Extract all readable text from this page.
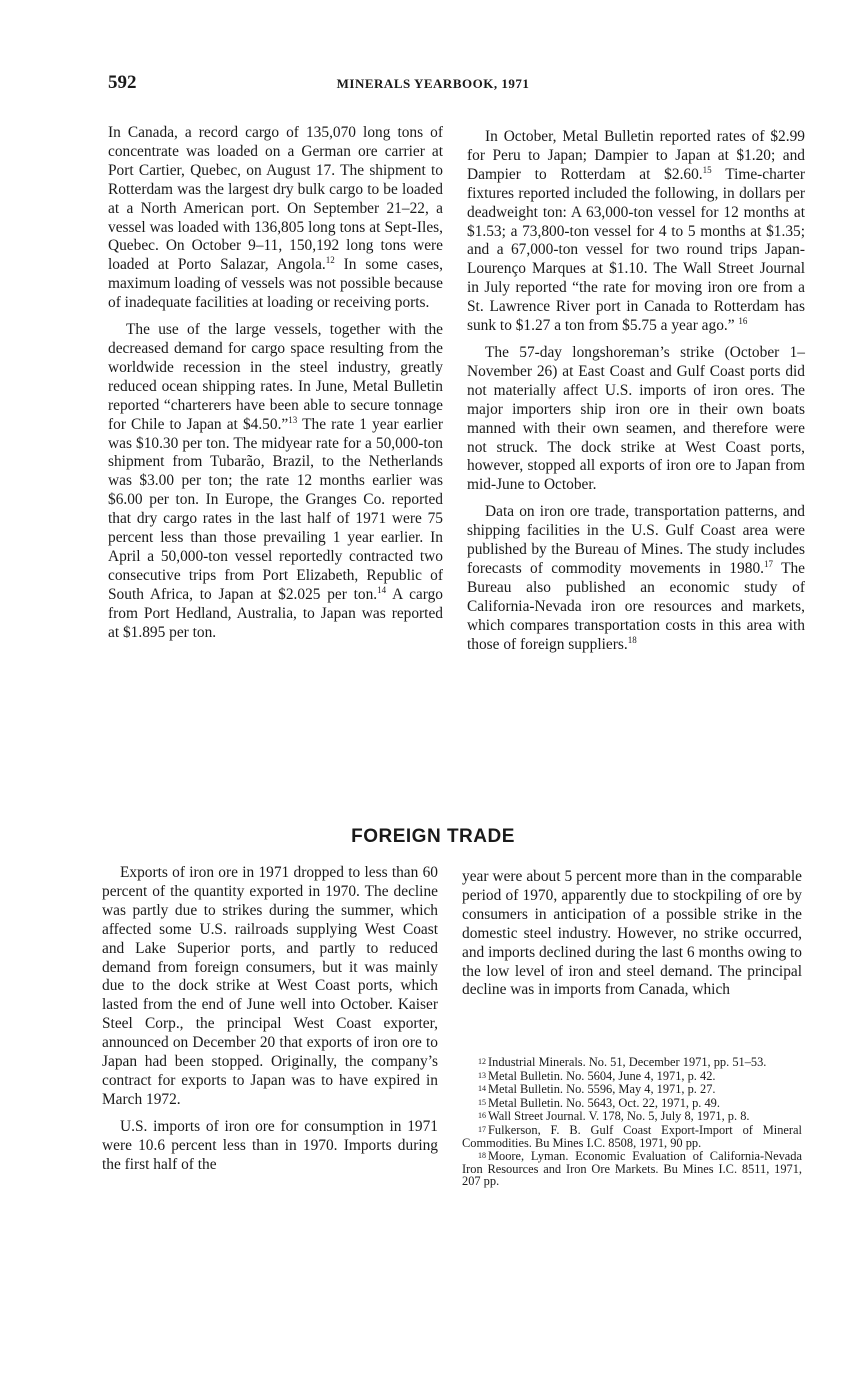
592	MINERALS YEARBOOK, 1971

In Canada, a record cargo of 135,070 long tons of concentrate was loaded on a German ore carrier at Port Cartier, Quebec, on August 17. The shipment to Rotterdam was the largest dry bulk cargo to be loaded at a North American port. On September 21–22, a vessel was loaded with 136,805 long tons at Sept-Iles, Quebec. On October 9–11, 150,192 long tons were loaded at Porto Salazar, Angola.$^{12}$ In some cases, maximum loading of vessels was not possible because of inadequate facilities at loading or receiving ports.

The use of the large vessels, together with the decreased demand for cargo space resulting from the worldwide recession in the steel industry, greatly reduced ocean shipping rates. In June, Metal Bulletin reported “charterers have been able to secure tonnage for Chile to Japan at $4.50.”$^{13}$ The rate 1 year earlier was $10.30 per ton. The midyear rate for a 50,000-ton shipment from Tubarão, Brazil, to the Netherlands was $3.00 per ton; the rate 12 months earlier was $6.00 per ton. In Europe, the Granges Co. reported that dry cargo rates in the last half of 1971 were 75 percent less than those prevailing 1 year earlier. In April a 50,000-ton vessel reportedly contracted two consecutive trips from Port Elizabeth, Republic of South Africa, to Japan at $2.025 per ton.$^{14}$ A cargo from Port Hedland, Australia, to Japan was reported at $1.895 per ton.

In October, Metal Bulletin reported rates of $2.99 for Peru to Japan; Dampier to Japan at $1.20; and Dampier to Rotterdam at $2.60.15 Time-charter fixtures reported included the following, in dollars per deadweight ton: A 63,000-ton vessel for 12 months at $1.53; a 73,800-ton vessel for 4 to 5 months at $1.35; and a 67,000-ton vessel for two round trips Japan-Lourenço Marques at $1.10. The Wall Street Journal in July reported “the rate for moving iron ore from a St. Lawrence River port in Canada to Rotterdam has sunk to $1.27 a ton from $5.75 a year ago.” $^{16}$

The 57-day longshoreman’s strike (October 1–November 26) at East Coast and Gulf Coast ports did not materially affect U.S. imports of iron ores. The major importers ship iron ore in their own boats manned with their own seamen, and therefore were not struck. The dock strike at West Coast ports, however, stopped all exports of iron ore to Japan from mid-June to October.

Data on iron ore trade, transportation patterns, and shipping facilities in the U.S. Gulf Coast area were published by the Bureau of Mines. The study includes forecasts of commodity movements in 1980.17 The Bureau also published an economic study of California-Nevada iron ore resources and markets, which compares transportation costs in this area with those of foreign suppliers.$^{18}$

FOREIGN TRADE

Exports of iron ore in 1971 dropped to less than 60 percent of the quantity exported in 1970. The decline was partly due to strikes during the summer, which affected some U.S. railroads supplying West Coast and Lake Superior ports, and partly to reduced demand from foreign consumers, but it was mainly due to the dock strike at West Coast ports, which lasted from the end of June well into October. Kaiser Steel Corp., the principal West Coast exporter, announced on December 20 that exports of iron ore to Japan had been stopped. Originally, the company’s contract for exports to Japan was to have expired in March 1972.

U.S. imports of iron ore for consumption in 1971 were 10.6 percent less than in 1970. Imports during the first half of the

year were about 5 percent more than in the comparable period of 1970, apparently due to stockpiling of ore by consumers in anticipation of a possible strike in the domestic steel industry. However, no strike occurred, and imports declined during the last 6 months owing to the low level of iron and steel demand. The principal decline was in imports from Canada, which

$^{12}$ Industrial Minerals. No. 51, December 1971, pp. 51–53.
$^{13}$ Metal Bulletin. No. 5604, June 4, 1971, p. 42.
$^{14}$ Metal Bulletin. No. 5596, May 4, 1971, p. 27.
$^{15}$ Metal Bulletin. No. 5643, Oct. 22, 1971, p. 49.
$^{16}$ Wall Street Journal. V. 178, No. 5, July 8, 1971, p. 8.
$^{17}$ Fulkerson, F. B. Gulf Coast Export-Import of Mineral Commodities. Bu Mines I.C. 8508, 1971, 90 pp.
$^{18}$ Moore, Lyman. Economic Evaluation of California-Nevada Iron Resources and Iron Ore Markets. Bu Mines I.C. 8511, 1971, 207 pp.
